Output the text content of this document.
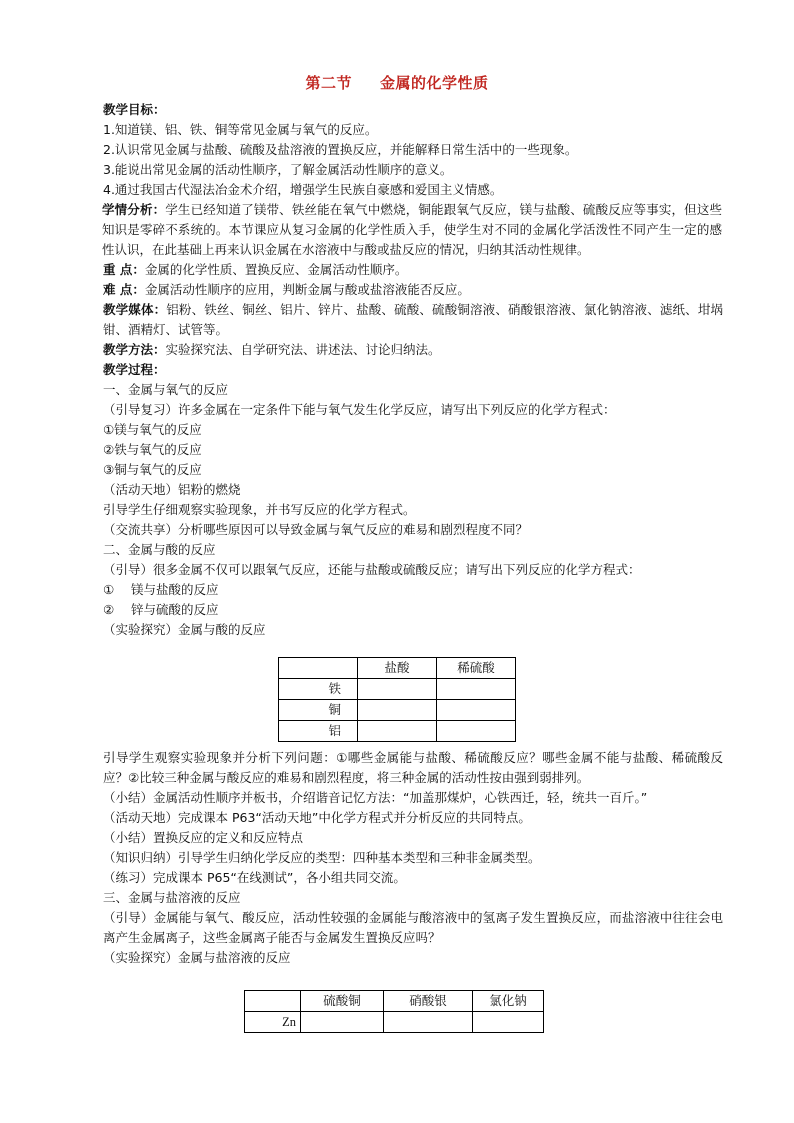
第二节 金属的化学性质
教学目标：
1.知道镁、铝、铁、铜等常见金属与氧气的反应。
2.认识常见金属与盐酸、硫酸及盐溶液的置换反应，并能解释日常生活中的一些现象。
3.能说出常见金属的活动性顺序，了解金属活动性顺序的意义。
4.通过我国古代湿法冶金术介绍，增强学生民族自豪感和爱国主义情感。
学情分析：学生已经知道了镁带、铁丝能在氧气中燃烧，铜能跟氧气反应，镁与盐酸、硫酸反应等事实，但这些知识是零碎不系统的。本节课应从复习金属的化学性质入手，使学生对不同的金属化学活泼性不同产生一定的感性认识，在此基础上再来认识金属在水溶液中与酸或盐反应的情况，归纳其活动性规律。
重 点：金属的化学性质、置换反应、金属活动性顺序。
难 点：金属活动性顺序的应用，判断金属与酸或盐溶液能否反应。
教学媒体：铝粉、铁丝、铜丝、铝片、锌片、盐酸、硫酸、硫酸铜溶液、硝酸银溶液、氯化钠溶液、滤纸、坩埚钳、酒精灯、试管等。
教学方法：实验探究法、自学研究法、讲述法、讨论归纳法。
教学过程：
一、金属与氧气的反应
（引导复习）许多金属在一定条件下能与氧气发生化学反应，请写出下列反应的化学方程式：
①镁与氧气的反应
②铁与氧气的反应
③铜与氧气的反应
（活动天地）铝粉的燃烧
引导学生仔细观察实验现象，并书写反应的化学方程式。
（交流共享）分析哪些原因可以导致金属与氧气反应的难易和剧烈程度不同？
二、金属与酸的反应
（引导）很多金属不仅可以跟氧气反应，还能与盐酸或硫酸反应；请写出下列反应的化学方程式：
① 镁与盐酸的反应
② 锌与硫酸的反应
（实验探究）金属与酸的反应
	盐酸	稀硫酸
铁		
铜		
铝		
引导学生观察实验现象并分析下列问题：①哪些金属能与盐酸、稀硫酸反应？哪些金属不能与盐酸、稀硫酸反应？②比较三种金属与酸反应的难易和剧烈程度，将三种金属的活动性按由强到弱排列。
（小结）金属活动性顺序并板书，介绍谐音记忆方法：“加盖那煤炉，心铁西迁，轻，统共一百斤。”
（活动天地）完成课本 P63“活动天地”中化学方程式并分析反应的共同特点。
（小结）置换反应的定义和反应特点
（知识归纳）引导学生归纳化学反应的类型：四种基本类型和三种非金属类型。
（练习）完成课本 P65“在线测试”，各小组共同交流。
三、金属与盐溶液的反应
（引导）金属能与氧气、酸反应，活动性较强的金属能与酸溶液中的氢离子发生置换反应，而盐溶液中往往会电离产生金属离子，这些金属离子能否与金属发生置换反应吗？
（实验探究）金属与盐溶液的反应
	硫酸铜	硝酸银	氯化钠
Zn			
